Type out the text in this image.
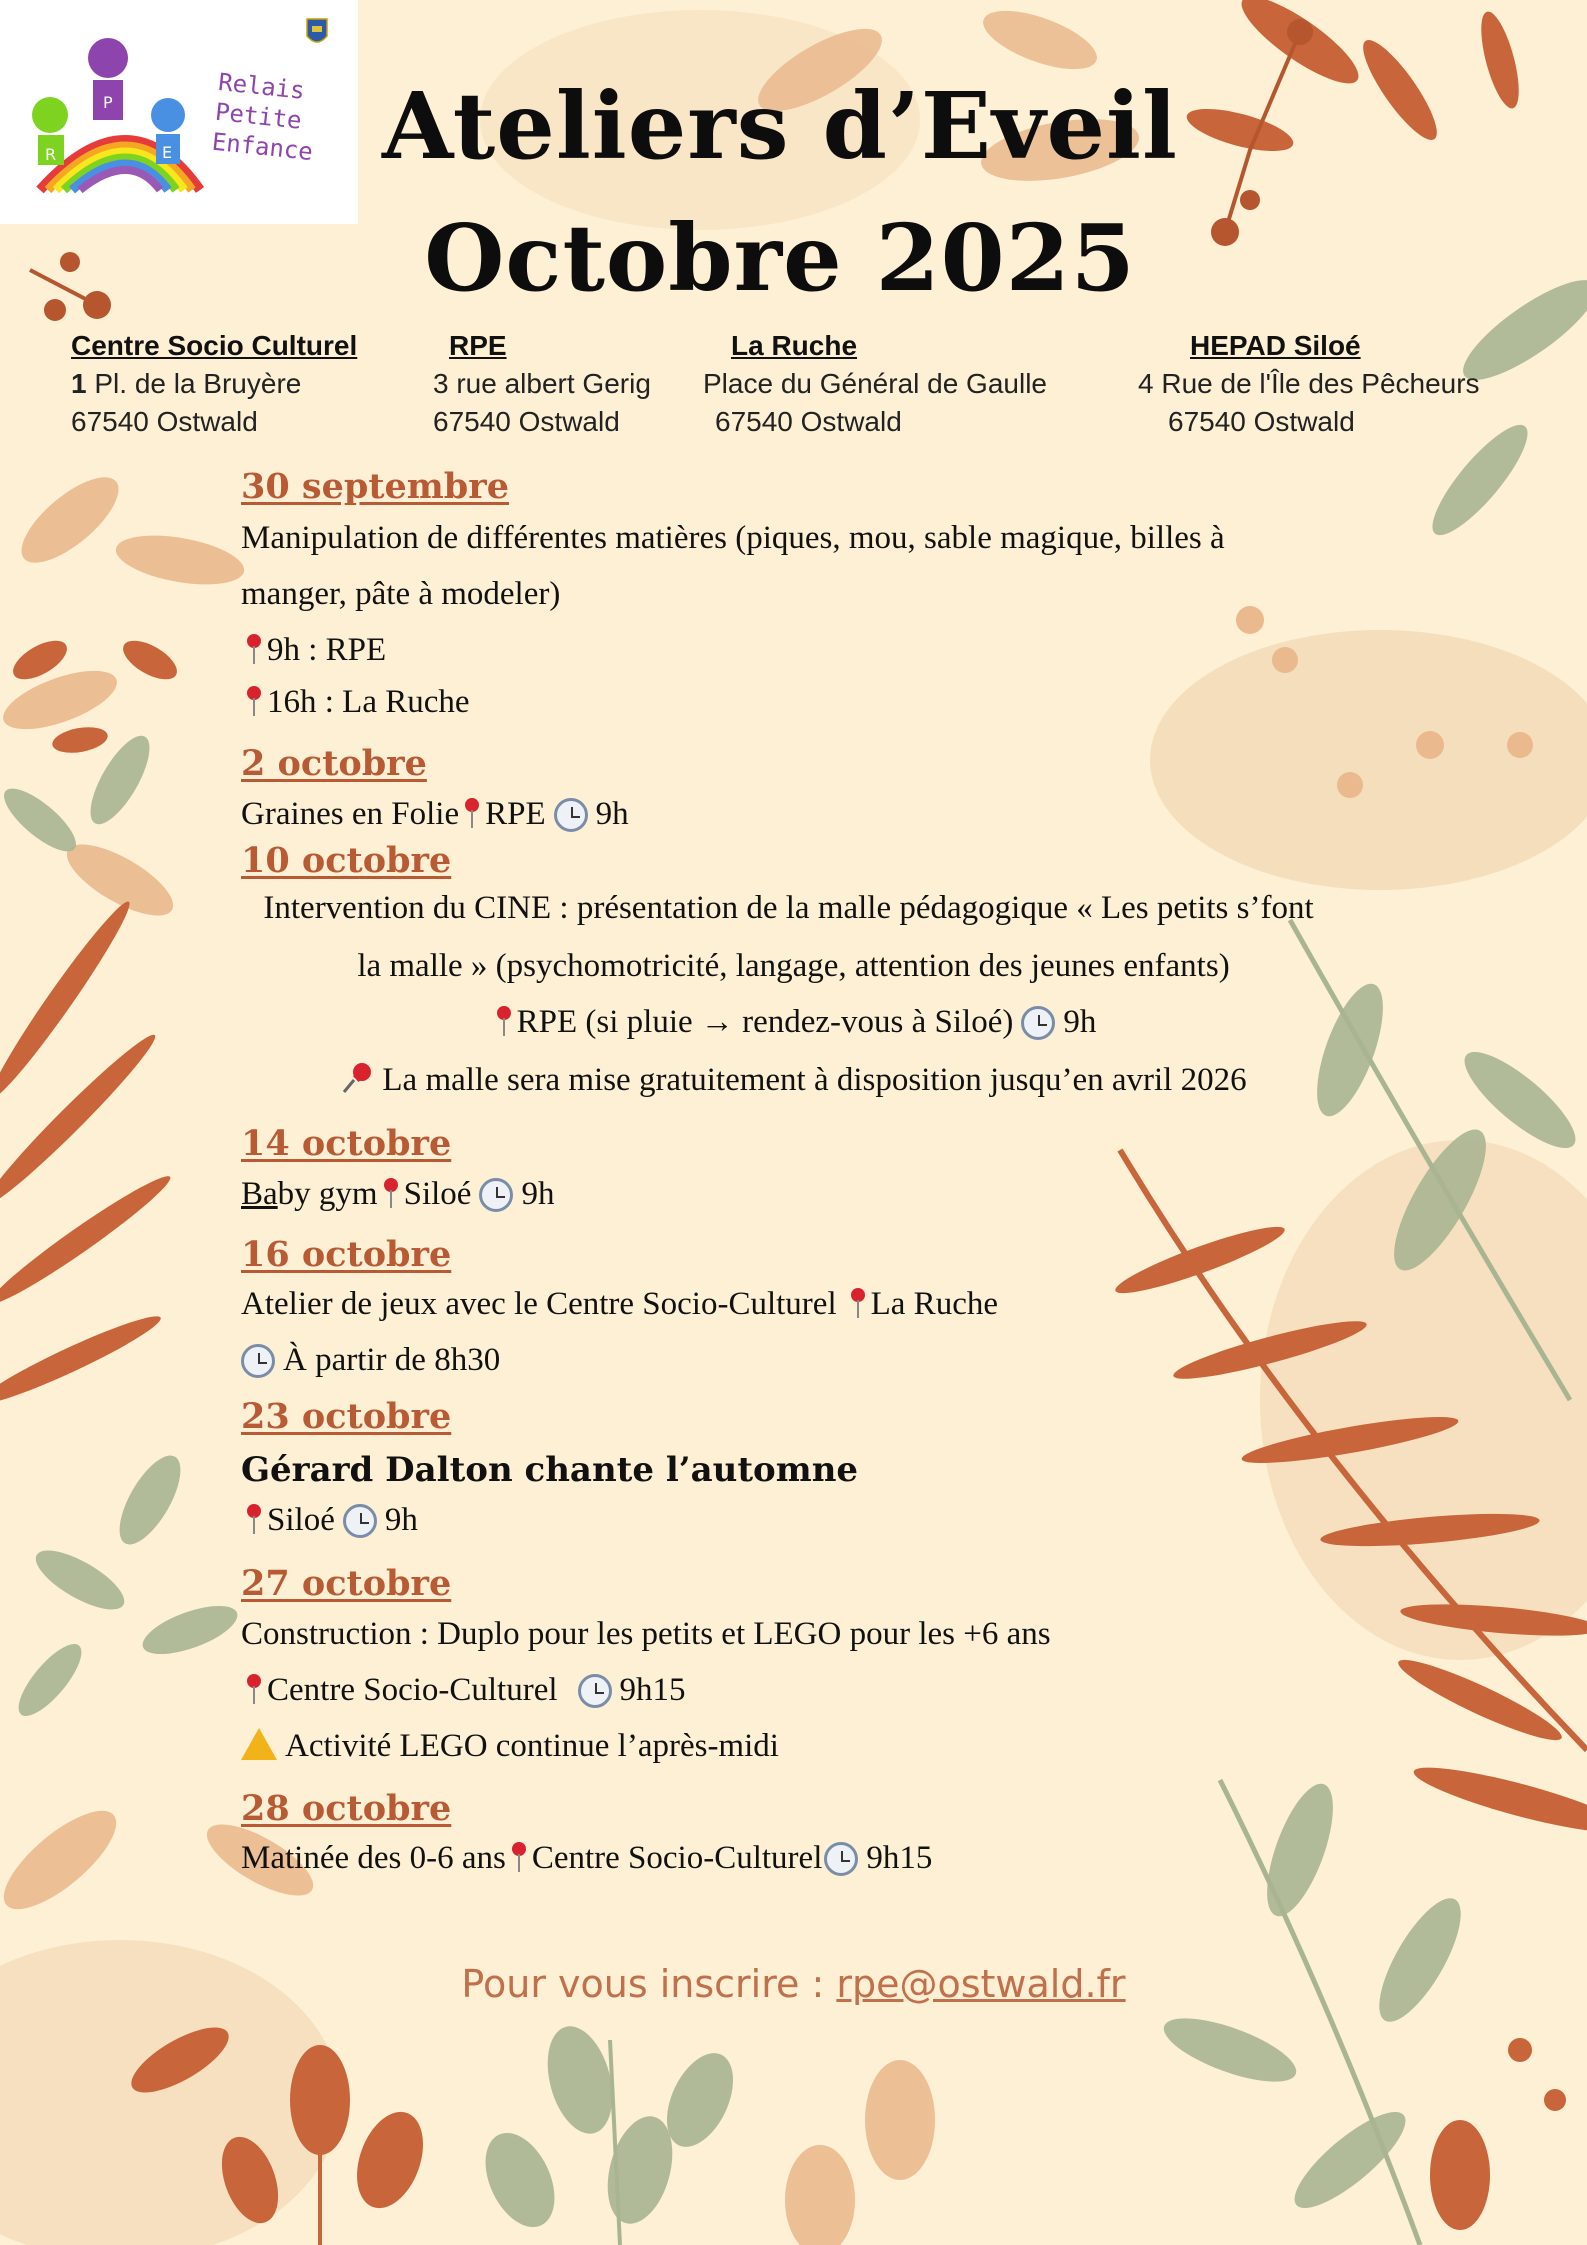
R
P
E
Relais
Petite
Enfance Ateliers d’Eveil
Octobre 2025
Centre Socio Culturel
1 Pl. de la Bruyère
67540 Ostwald
RPE
3 rue albert Gerig
67540 Ostwald
La Ruche
Place du Général de Gaulle
67540 Ostwald
HEPAD Siloé
4 Rue de l'Île des Pêcheurs
67540 Ostwald
30 septembre
Manipulation de différentes matières (piques, mou, sable magique, billes à
manger, pâte à modeler)
9h : RPE
16h : La Ruche
2 octobre
Graines en Folie RPE 9h
10 octobre
Intervention du CINE : présentation de la malle pédagogique « Les petits s’font
la malle » (psychomotricité, langage, attention des jeunes enfants)
RPE (si pluie → rendez-vous à Siloé) 9h
La malle sera mise gratuitement à disposition jusqu’en avril 2026
14 octobre
Baby gym Siloé 9h
16 octobre
Atelier de jeux avec le Centre Socio-Culturel La Ruche
À partir de 8h30
23 octobre
Gérard Dalton chante l’automne
Siloé 9h
27 octobre
Construction : Duplo pour les petits et LEGO pour les +6 ans
Centre Socio-Culturel 9h15
Activité LEGO continue l’après-midi
28 octobre
Matinée des 0-6 ans Centre Socio-Culturel 9h15
Pour vous inscrire : rpe@ostwald.fr
